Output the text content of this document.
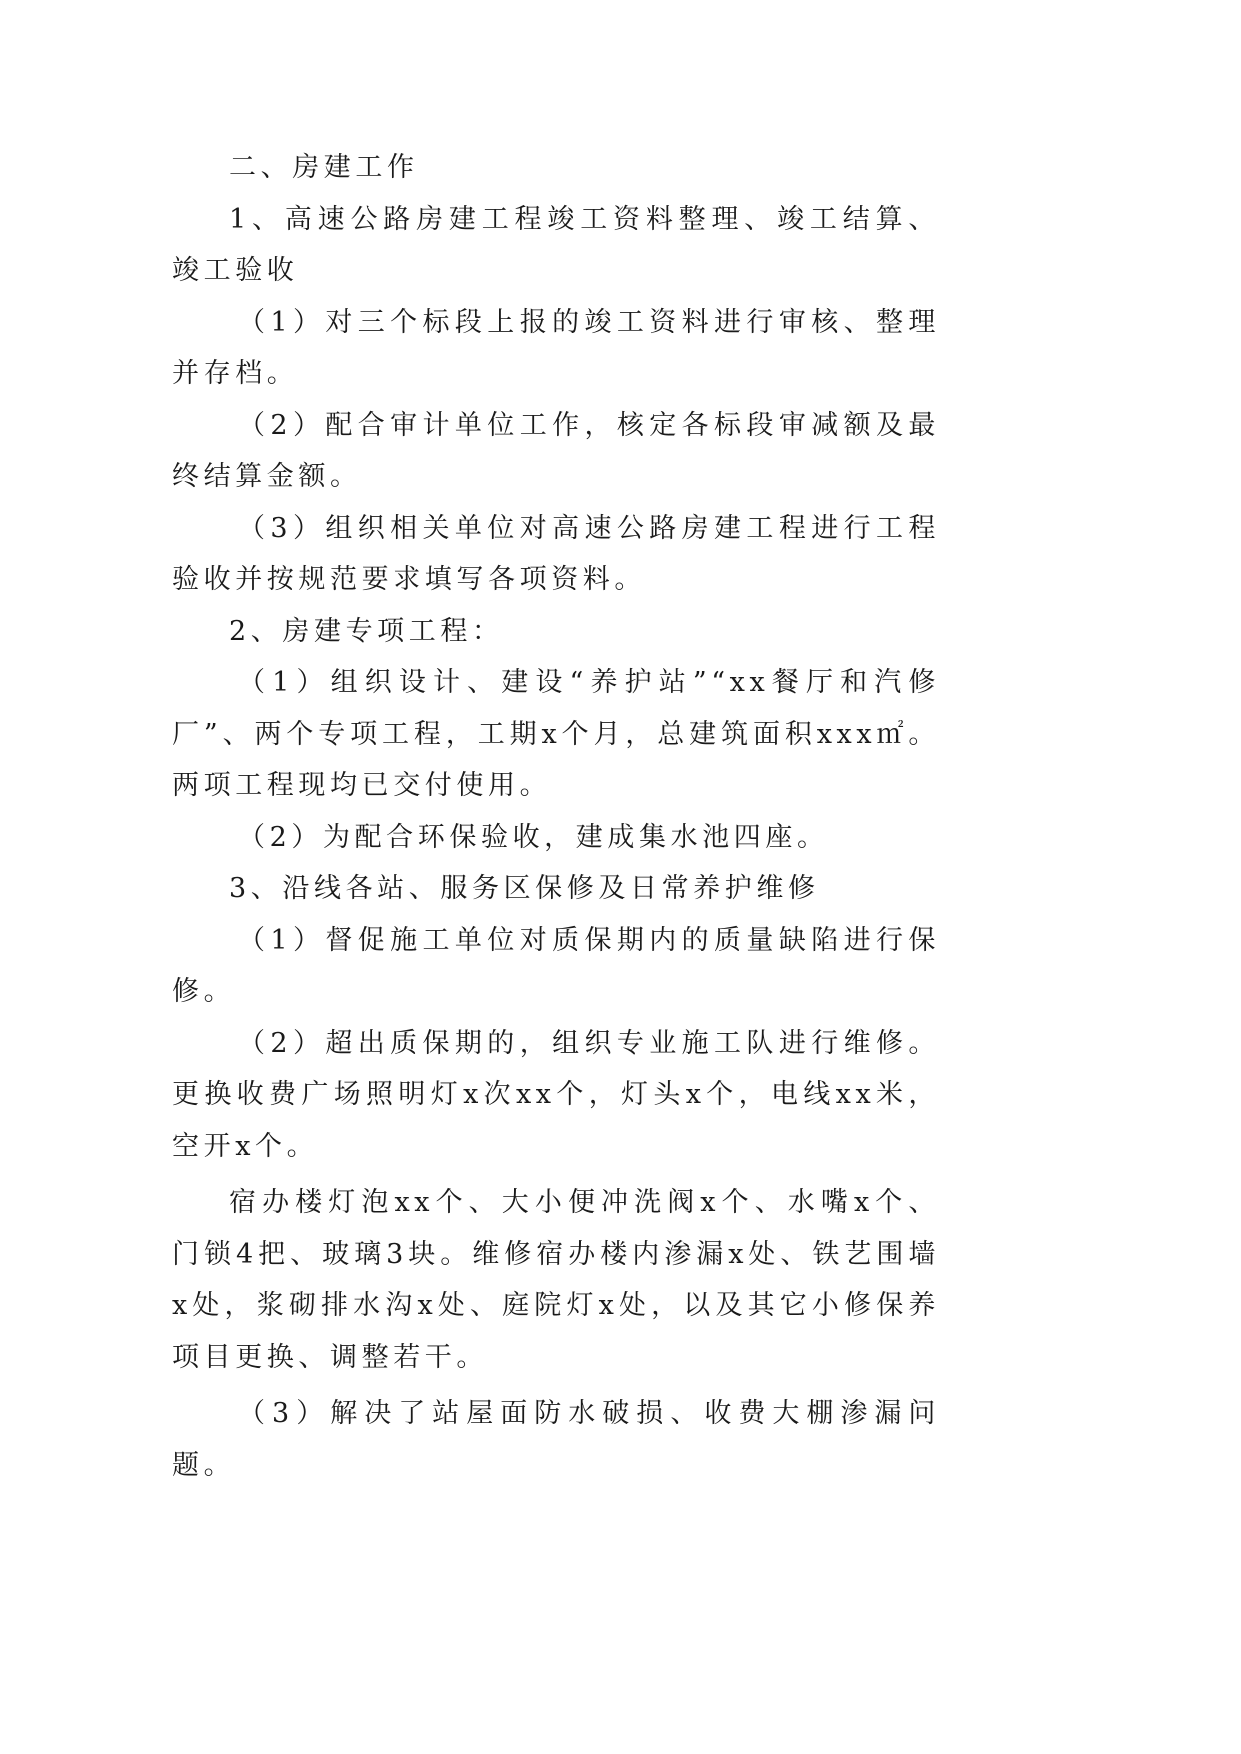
二、房建工作

1、高速公路房建工程竣工资料整理、竣工结算、竣工验收

（1）对三个标段上报的竣工资料进行审核、整理并存档。

（2）配合审计单位工作，核定各标段审减额及最终结算金额。

（3）组织相关单位对高速公路房建工程进行工程验收并按规范要求填写各项资料。

2、房建专项工程：

（1）组织设计、建设“养护站”“xx餐厅和汽修厂”、两个专项工程，工期x个月，总建筑面积xxx㎡。两项工程现均已交付使用。

（2）为配合环保验收，建成集水池四座。

3、沿线各站、服务区保修及日常养护维修

（1）督促施工单位对质保期内的质量缺陷进行保修。

（2）超出质保期的，组织专业施工队进行维修。更换收费广场照明灯x次xx个，灯头x个，电线xx米，空开x个。

宿办楼灯泡xx个、大小便冲洗阀x个、水嘴x个、门锁4把、玻璃3块。维修宿办楼内渗漏x处、铁艺围墙x处，浆砌排水沟x处、庭院灯x处，以及其它小修保养项目更换、调整若干。

（3）解决了站屋面防水破损、收费大棚渗漏问题。
